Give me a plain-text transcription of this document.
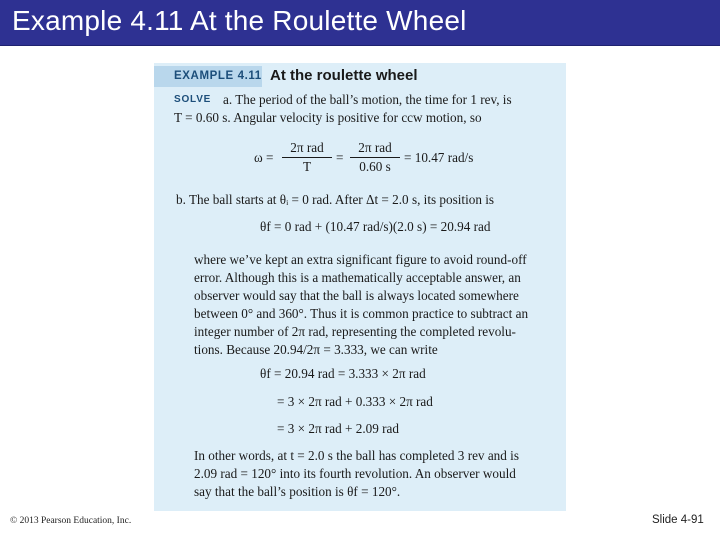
Example 4.11 At the Roulette Wheel
EXAMPLE 4.11 At the roulette wheel
SOLVE a. The period of the ball’s motion, the time for 1 rev, is
T = 0.60 s. Angular velocity is positive for ccw motion, so
ω =
2π rad
T
=
2π rad
0.60 s
= 10.47 rad/s
b. The ball starts at θᵢ = 0 rad. After Δt = 2.0 s, its position is
θf = 0 rad + (10.47 rad/s)(2.0 s) = 20.94 rad
where we’ve kept an extra significant figure to avoid round-off
error. Although this is a mathematically acceptable answer, an
observer would say that the ball is always located somewhere
between 0° and 360°. Thus it is common practice to subtract an
integer number of 2π rad, representing the completed revolu-
tions. Because 20.94/2π = 3.333, we can write
θf = 20.94 rad = 3.333 × 2π rad
= 3 × 2π rad + 0.333 × 2π rad
= 3 × 2π rad + 2.09 rad
In other words, at t = 2.0 s the ball has completed 3 rev and is
2.09 rad = 120° into its fourth revolution. An observer would
say that the ball’s position is θf = 120°.
© 2013 Pearson Education, Inc.	Slide 4-91
